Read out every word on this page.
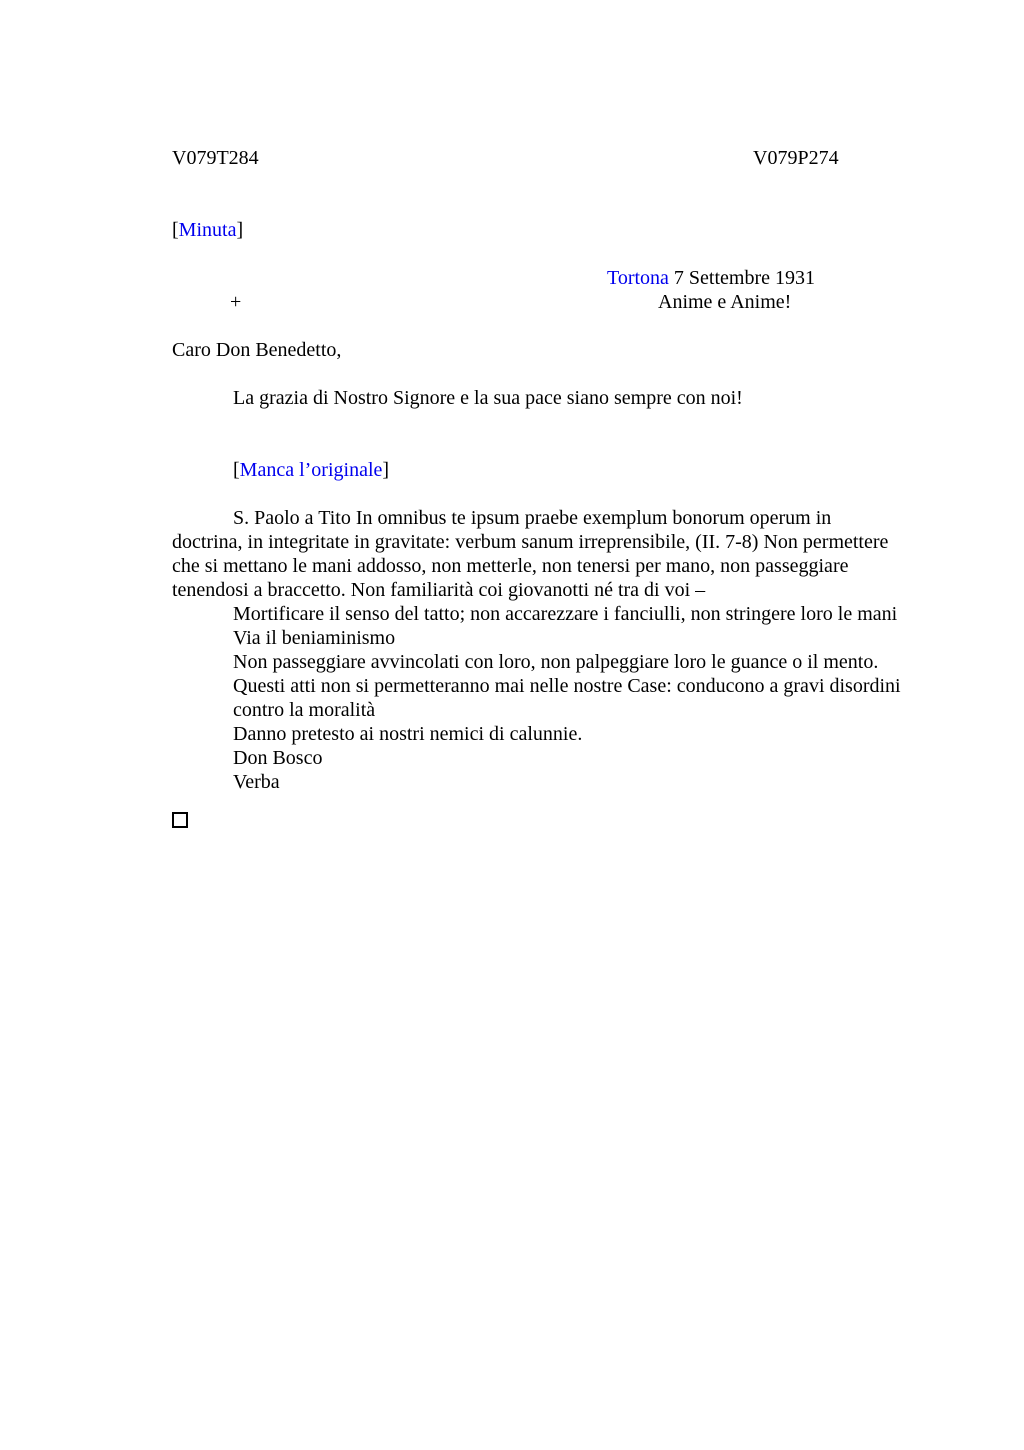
V079T284	V079P274
[Minuta]
Tortona 7 Settembre 1931
+	Anime e Anime!
Caro Don Benedetto,
La grazia di Nostro Signore e la sua pace siano sempre con noi!
[Manca l’originale]
S. Paolo a Tito In omnibus te ipsum praebe exemplum bonorum operum in
doctrina, in integritate in gravitate: verbum sanum irreprensibile, (II. 7-8) Non permettere
che si mettano le mani addosso, non metterle, non tenersi per mano, non passeggiare
tenendosi a braccetto. Non familiarità coi giovanotti né tra di voi –
Mortificare il senso del tatto; non accarezzare i fanciulli, non stringere loro le mani
Via il beniaminismo
Non passeggiare avvincolati con loro, non palpeggiare loro le guance o il mento.
Questi atti non si permetteranno mai nelle nostre Case: conducono a gravi disordini
contro la moralità
Danno pretesto ai nostri nemici di calunnie.
Don Bosco
Verba
